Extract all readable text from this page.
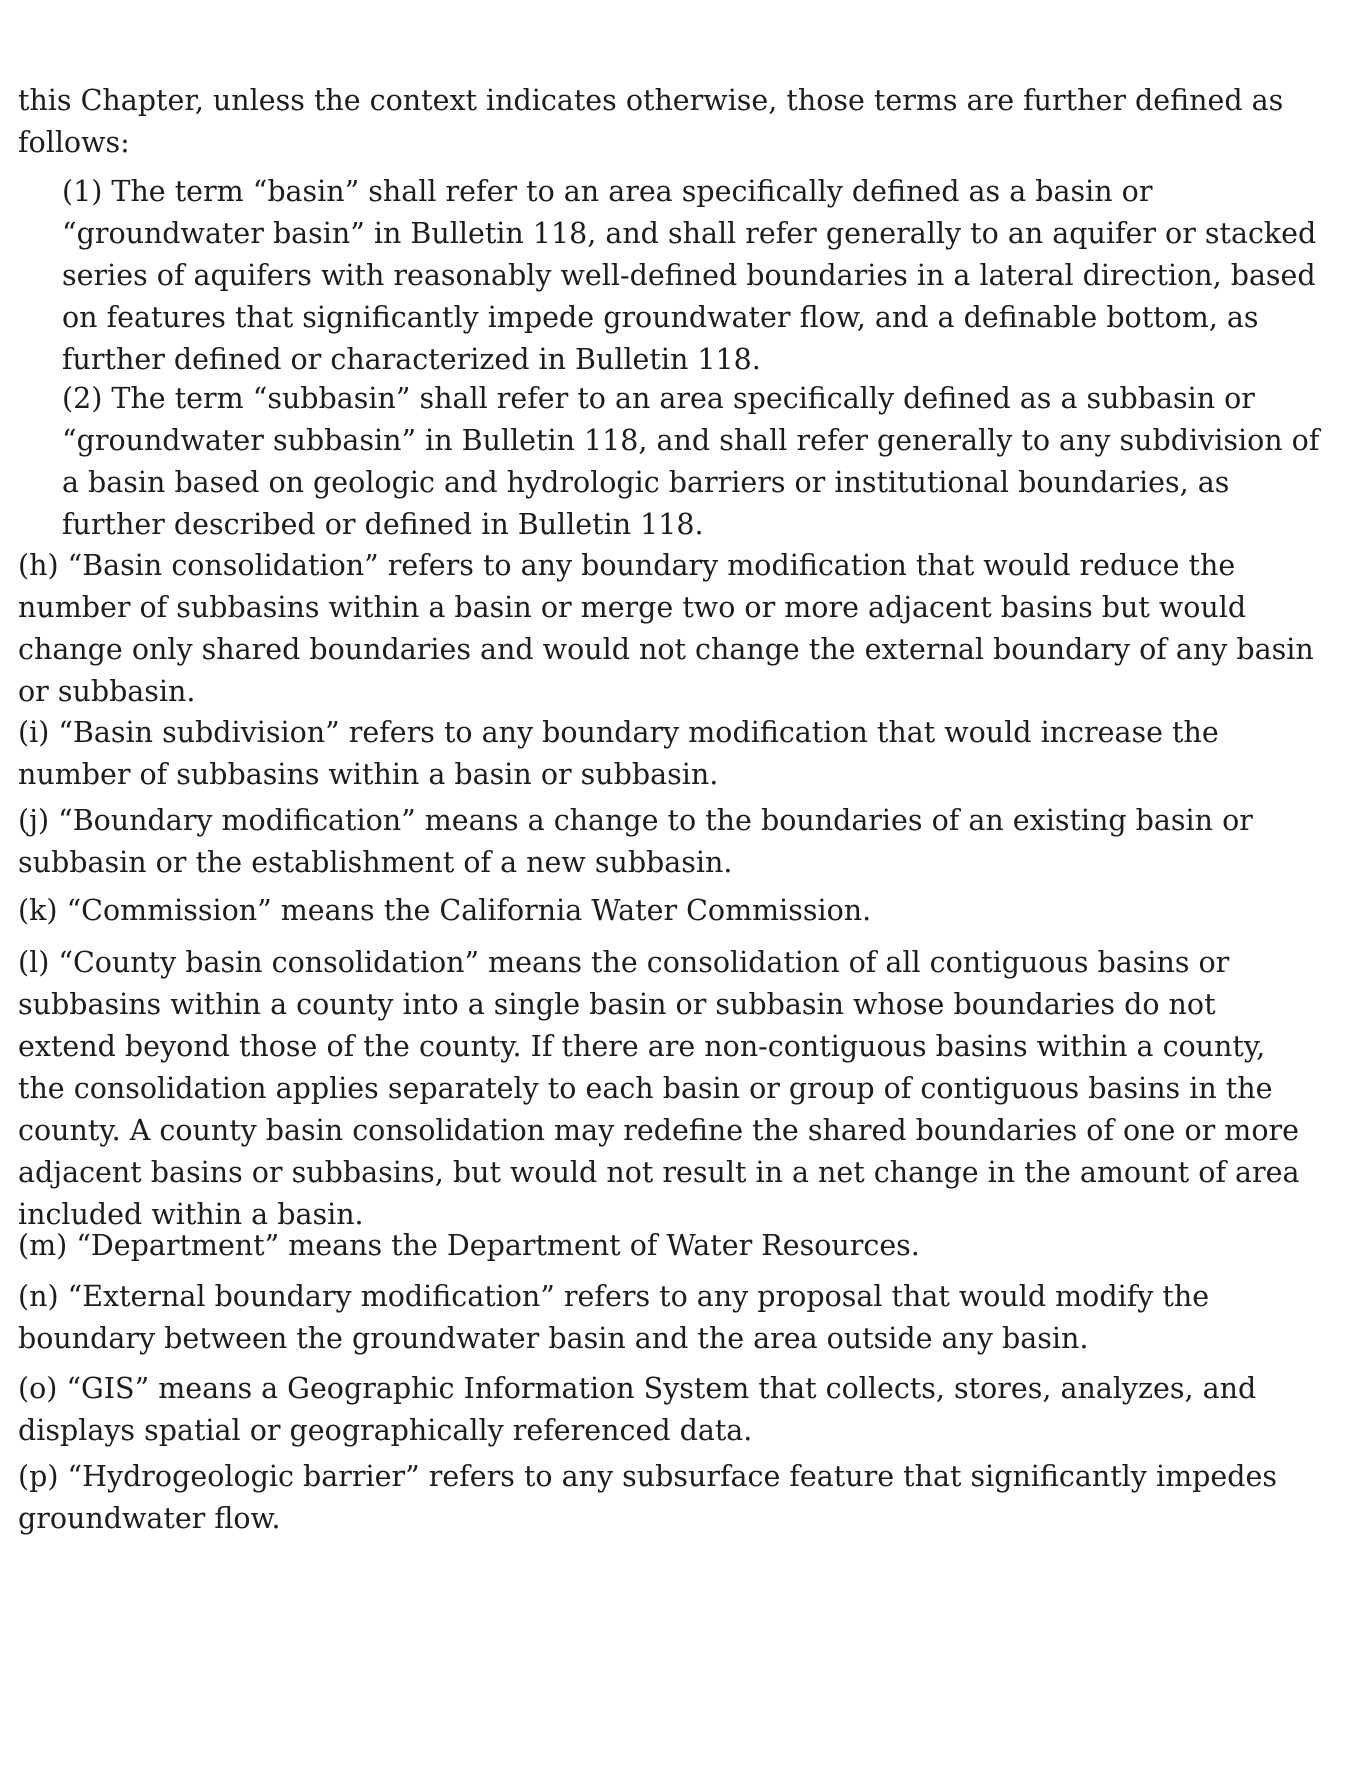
this Chapter, unless the context indicates otherwise, those terms are further defined as follows:

(1) The term “basin” shall refer to an area specifically defined as a basin or “groundwater basin” in Bulletin 118, and shall refer generally to an aquifer or stacked series of aquifers with reasonably well-defined boundaries in a lateral direction, based on features that significantly impede groundwater flow, and a definable bottom, as further defined or characterized in Bulletin 118.

(2) The term “subbasin” shall refer to an area specifically defined as a subbasin or “groundwater subbasin” in Bulletin 118, and shall refer generally to any subdivision of a basin based on geologic and hydrologic barriers or institutional boundaries, as further described or defined in Bulletin 118.

(h) “Basin consolidation” refers to any boundary modification that would reduce the number of subbasins within a basin or merge two or more adjacent basins but would change only shared boundaries and would not change the external boundary of any basin or subbasin.

(i) “Basin subdivision” refers to any boundary modification that would increase the number of subbasins within a basin or subbasin.

(j) “Boundary modification” means a change to the boundaries of an existing basin or subbasin or the establishment of a new subbasin.

(k) “Commission” means the California Water Commission.

(l) “County basin consolidation” means the consolidation of all contiguous basins or subbasins within a county into a single basin or subbasin whose boundaries do not extend beyond those of the county. If there are non-contiguous basins within a county, the consolidation applies separately to each basin or group of contiguous basins in the county. A county basin consolidation may redefine the shared boundaries of one or more adjacent basins or subbasins, but would not result in a net change in the amount of area included within a basin.

(m) “Department” means the Department of Water Resources.

(n) “External boundary modification” refers to any proposal that would modify the boundary between the groundwater basin and the area outside any basin.

(o) “GIS” means a Geographic Information System that collects, stores, analyzes, and displays spatial or geographically referenced data.

(p) “Hydrogeologic barrier” refers to any subsurface feature that significantly impedes groundwater flow.
